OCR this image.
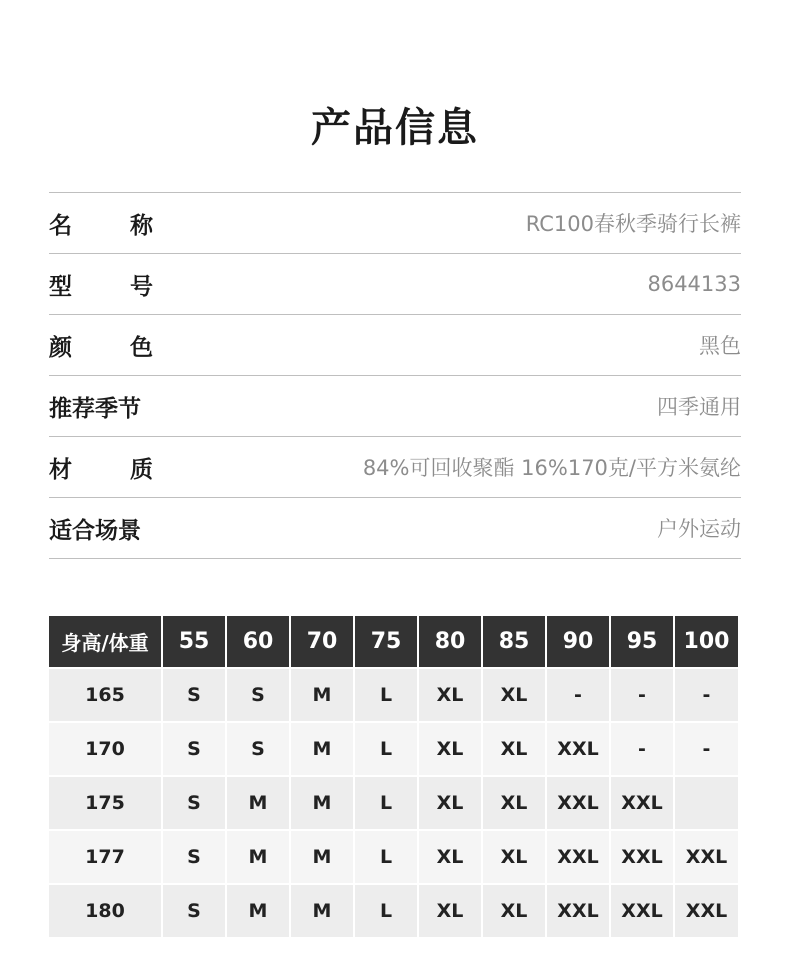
产品信息
名	称	RC100春秋季骑行长裤
型	号	8644133
颜	色	黑色
推荐季节	四季通用
材	质	84%可回收聚酯 16%170克/平方米氨纶
适合场景	户外运动
身高/体重	55	60	70	75	80	85	90	95	100
165	S	S	M	L	XL	XL	-	-	-
170	S	S	M	L	XL	XL	XXL	-	-
175	S	M	M	L	XL	XL	XXL	XXL	
177	S	M	M	L	XL	XL	XXL	XXL	XXL
180	S	M	M	L	XL	XL	XXL	XXL	XXL
